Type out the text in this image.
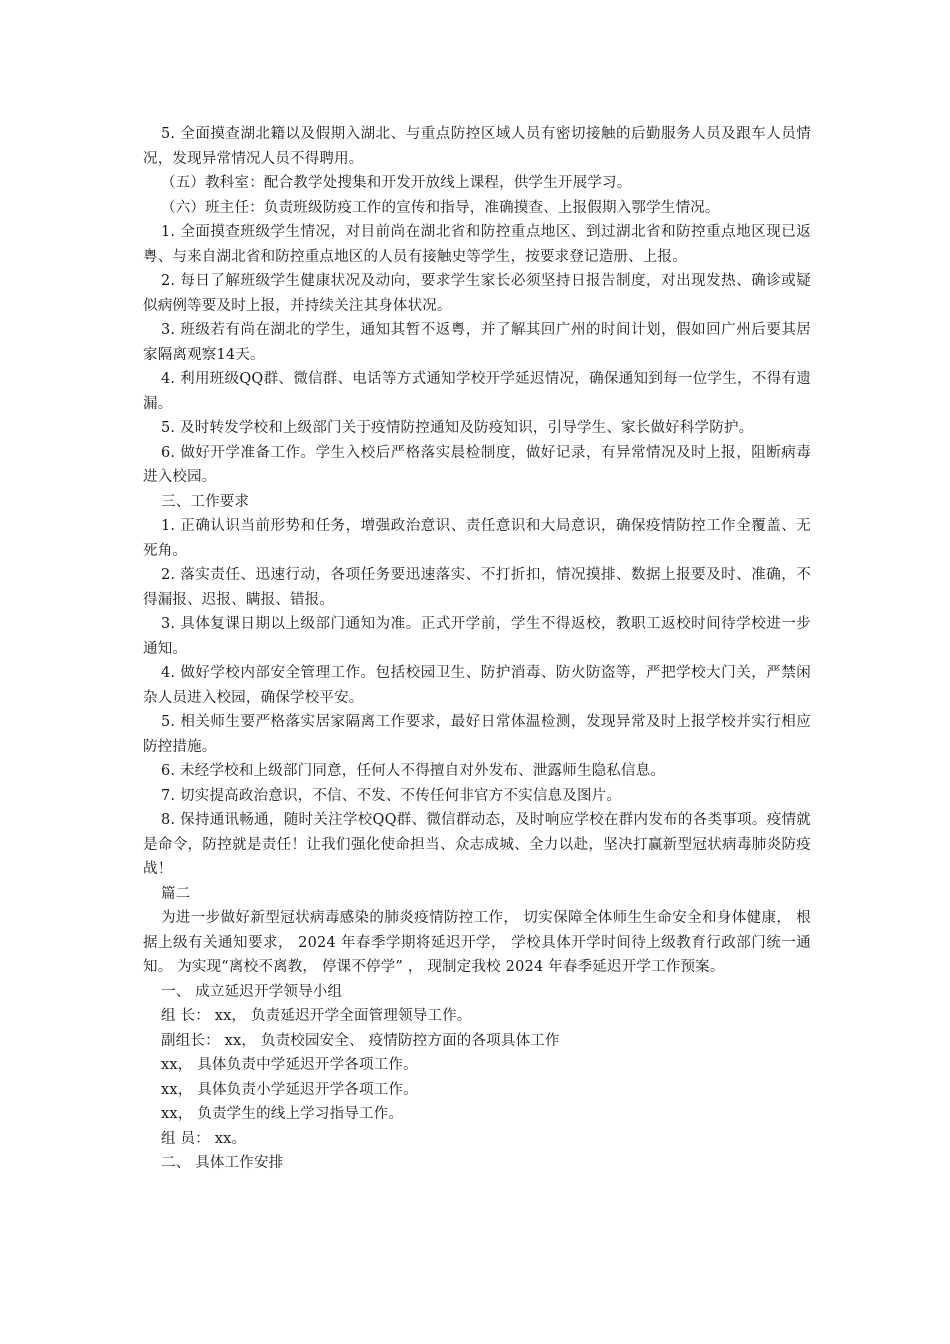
5. 全面摸查湖北籍以及假期入湖北、与重点防控区域人员有密切接触的后勤服务人员及跟车人员情况，发现异常情况人员不得聘用。

（五）教科室：配合教学处搜集和开发开放线上课程，供学生开展学习。

（六）班主任：负责班级防疫工作的宣传和指导，准确摸查、上报假期入鄂学生情况。

1. 全面摸查班级学生情况，对目前尚在湖北省和防控重点地区、到过湖北省和防控重点地区现已返粤、与来自湖北省和防控重点地区的人员有接触史等学生，按要求登记造册、上报。

2. 每日了解班级学生健康状况及动向，要求学生家长必须坚持日报告制度，对出现发热、确诊或疑似病例等要及时上报，并持续关注其身体状况。

3. 班级若有尚在湖北的学生，通知其暂不返粤，并了解其回广州的时间计划，假如回广州后要其居家隔离观察14天。

4. 利用班级QQ群、微信群、电话等方式通知学校开学延迟情况，确保通知到每一位学生，不得有遗漏。

5. 及时转发学校和上级部门关于疫情防控通知及防疫知识，引导学生、家长做好科学防护。

6. 做好开学准备工作。学生入校后严格落实晨检制度，做好记录，有异常情况及时上报，阻断病毒进入校园。

三、工作要求

1. 正确认识当前形势和任务，增强政治意识、责任意识和大局意识，确保疫情防控工作全覆盖、无死角。

2. 落实责任、迅速行动，各项任务要迅速落实、不打折扣，情况摸排、数据上报要及时、准确，不得漏报、迟报、瞒报、错报。

3. 具体复课日期以上级部门通知为准。正式开学前，学生不得返校，教职工返校时间待学校进一步通知。

4. 做好学校内部安全管理工作。包括校园卫生、防护消毒、防火防盗等，严把学校大门关，严禁闲杂人员进入校园，确保学校平安。

5. 相关师生要严格落实居家隔离工作要求，最好日常体温检测，发现异常及时上报学校并实行相应防控措施。

6. 未经学校和上级部门同意，任何人不得擅自对外发布、泄露师生隐私信息。

7. 切实提高政治意识，不信、不发、不传任何非官方不实信息及图片。

8. 保持通讯畅通，随时关注学校QQ群、微信群动态，及时响应学校在群内发布的各类事项。疫情就是命令，防控就是责任！让我们强化使命担当、众志成城、全力以赴，坚决打赢新型冠状病毒肺炎防疫战！

篇二

为进一步做好新型冠状病毒感染的肺炎疫情防控工作， 切实保障全体师生生命安全和身体健康， 根据上级有关通知要求， 2024 年春季学期将延迟开学， 学校具体开学时间待上级教育行政部门统一通知。 为实现“离校不离教， 停课不停学” ， 现制定我校 2024 年春季延迟开学工作预案。

一、 成立延迟开学领导小组

组 长： xx， 负责延迟开学全面管理领导工作。

副组长： xx， 负责校园安全、 疫情防控方面的各项具体工作

xx， 具体负责中学延迟开学各项工作。

xx， 具体负责小学延迟开学各项工作。

xx， 负责学生的线上学习指导工作。

组 员： xx。

二、 具体工作安排
